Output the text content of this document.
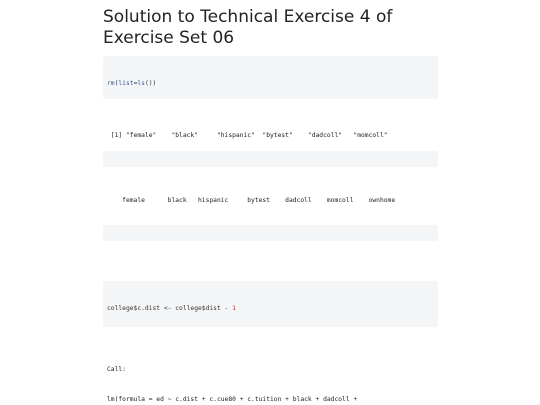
Solution to Technical Exercise 4 of Exercise Set 06

rm(list=ls())

[1] "female"    "black"     "hispanic"  "bytest"    "dadcoll"   "momcoll"

female      black   hispanic     bytest    dadcoll    momcoll    ownhome

college$c.dist <- college$dist - 1

Call:

lm(formula = ed ~ c.dist + c.cue80 + c.tuition + black + dadcoll +
